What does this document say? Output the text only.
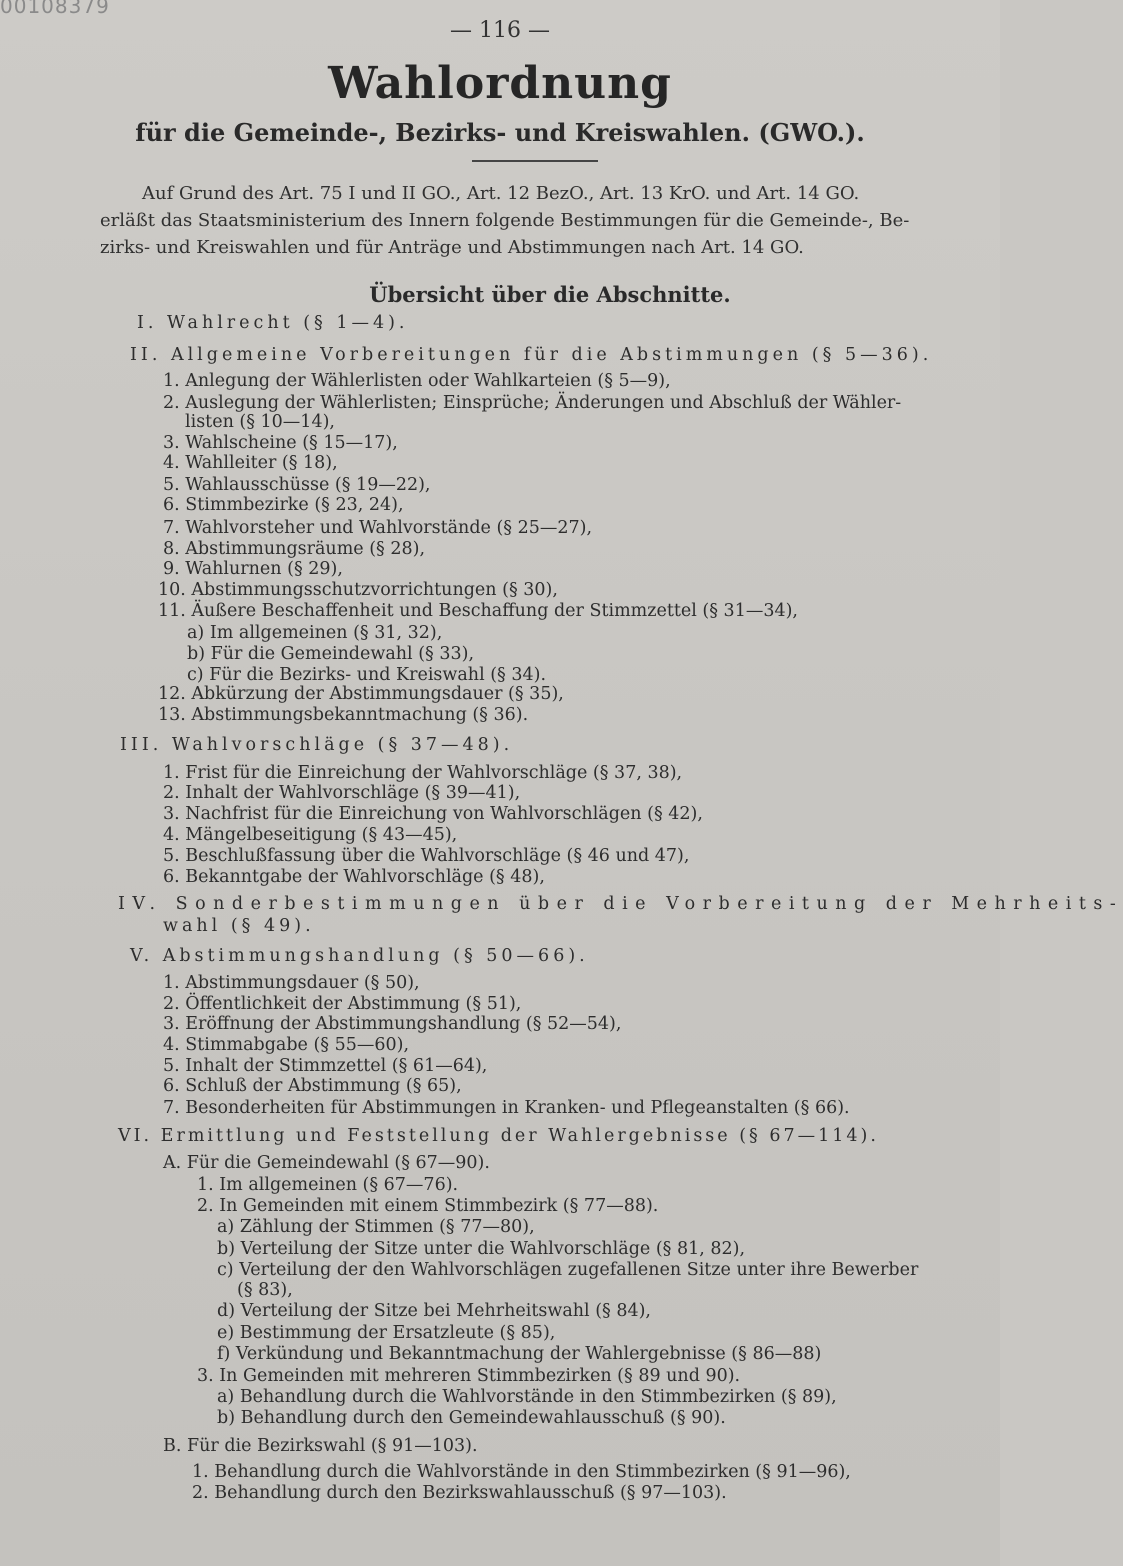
00108379
— 116 —
Wahlordnung
für die Gemeinde-, Bezirks- und Kreiswahlen. (GWO.).
Auf Grund des Art. 75 I und II GO., Art. 12 BezO., Art. 13 KrO. und Art. 14 GO.
erläßt das Staatsministerium des Innern folgende Bestimmungen für die Gemeinde-, Be-
zirks- und Kreiswahlen und für Anträge und Abstimmungen nach Art. 14 GO.
Übersicht über die Abschnitte.
I. Wahlrecht (§ 1—4).
II. Allgemeine Vorbereitungen für die Abstimmungen (§ 5—36).
1. Anlegung der Wählerlisten oder Wahlkarteien (§ 5—9),
2. Auslegung der Wählerlisten; Einsprüche; Änderungen und Abschluß der Wähler-
listen (§ 10—14),
3. Wahlscheine (§ 15—17),
4. Wahlleiter (§ 18),
5. Wahlausschüsse (§ 19—22),
6. Stimmbezirke (§ 23, 24),
7. Wahlvorsteher und Wahlvorstände (§ 25—27),
8. Abstimmungsräume (§ 28),
9. Wahlurnen (§ 29),
10. Abstimmungsschutzvorrichtungen (§ 30),
11. Äußere Beschaffenheit und Beschaffung der Stimmzettel (§ 31—34),
a) Im allgemeinen (§ 31, 32),
b) Für die Gemeindewahl (§ 33),
c) Für die Bezirks- und Kreiswahl (§ 34).
12. Abkürzung der Abstimmungsdauer (§ 35),
13. Abstimmungsbekanntmachung (§ 36).
III. Wahlvorschläge (§ 37—48).
1. Frist für die Einreichung der Wahlvorschläge (§ 37, 38),
2. Inhalt der Wahlvorschläge (§ 39—41),
3. Nachfrist für die Einreichung von Wahlvorschlägen (§ 42),
4. Mängelbeseitigung (§ 43—45),
5. Beschlußfassung über die Wahlvorschläge (§ 46 und 47),
6. Bekanntgabe der Wahlvorschläge (§ 48),
IV. Sonderbestimmungen über die Vorbereitung der Mehrheits-
wahl (§ 49).
V. Abstimmungshandlung (§ 50—66).
1. Abstimmungsdauer (§ 50),
2. Öffentlichkeit der Abstimmung (§ 51),
3. Eröffnung der Abstimmungshandlung (§ 52—54),
4. Stimmabgabe (§ 55—60),
5. Inhalt der Stimmzettel (§ 61—64),
6. Schluß der Abstimmung (§ 65),
7. Besonderheiten für Abstimmungen in Kranken- und Pflegeanstalten (§ 66).
VI. Ermittlung und Feststellung der Wahlergebnisse (§ 67—114).
A. Für die Gemeindewahl (§ 67—90).
1. Im allgemeinen (§ 67—76).
2. In Gemeinden mit einem Stimmbezirk (§ 77—88).
a) Zählung der Stimmen (§ 77—80),
b) Verteilung der Sitze unter die Wahlvorschläge (§ 81, 82),
c) Verteilung der den Wahlvorschlägen zugefallenen Sitze unter ihre Bewerber
(§ 83),
d) Verteilung der Sitze bei Mehrheitswahl (§ 84),
e) Bestimmung der Ersatzleute (§ 85),
f) Verkündung und Bekanntmachung der Wahlergebnisse (§ 86—88)
3. In Gemeinden mit mehreren Stimmbezirken (§ 89 und 90).
a) Behandlung durch die Wahlvorstände in den Stimmbezirken (§ 89),
b) Behandlung durch den Gemeindewahlausschuß (§ 90).
B. Für die Bezirkswahl (§ 91—103).
1. Behandlung durch die Wahlvorstände in den Stimmbezirken (§ 91—96),
2. Behandlung durch den Bezirkswahlausschuß (§ 97—103).
